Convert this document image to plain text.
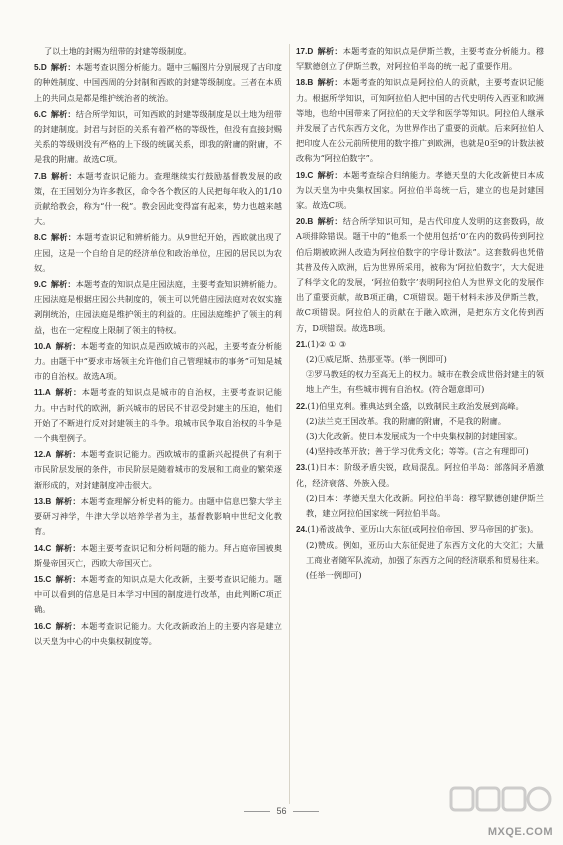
了以土地的封赐为纽带的封建等级制度。

5.D  解析：本题考查识图分析能力。题中三幅图片分别展现了古印度的种姓制度、中国西周的分封制和西欧的封建等级制度。三者在本质上的共同点是都是维护统治者的统治。

6.C  解析：结合所学知识，可知西欧的封建等级制度是以土地为纽带的封建制度。封君与封臣的关系有着严格的等级性，但没有直接封赐关系的等级则没有严格的上下级的统属关系，即我的附庸的附庸，不是我的附庸。故选C项。

7.B  解析：本题考查识记能力。查理继续实行鼓励基督教发展的政策，在王国划分为许多教区，命令各个教区的人民把每年收入的1/10贡献给教会，称为“什一税”。教会因此变得富有起来，势力也越来越大。

8.C  解析：本题考查识记和辨析能力。从9世纪开始，西欧就出现了庄园，这是一个自给自足的经济单位和政治单位，庄园的居民以为农奴。

9.C  解析：本题考查的知识点是庄园法庭，主要考查知识辨析能力。庄园法庭是根据庄园公共制度的，领主可以凭借庄园法庭对农奴实施剥削统治，庄园法庭是维护领主的利益的。庄园法庭维护了领主的利益，也在一定程度上限制了领主的特权。

10.A  解析：本题考查的知识点是西欧城市的兴起，主要考查分析能力。由题干中“要求市场领主允许他们自己管理城市的事务”可知是城市的自治权。故选A项。

11.A  解析：本题考查的知识点是城市的自治权，主要考查识记能力。中古时代的欧洲，新兴城市的居民不甘忍受封建主的压迫，他们开始了不断进行反对封建领主的斗争。琅城市民争取自治权的斗争是一个典型例子。

12.A  解析：本题考查识记能力。西欧城市的重新兴起提供了有利于市民阶层发展的条件，市民阶层是随着城市的发展和工商业的繁荣逐渐形成的，对封建制度冲击很大。

13.B  解析：本题考查理解分析史料的能力。由题中信息巴黎大学主要研习神学，牛津大学以培养学者为主，基督教影响中世纪文化教育。

14.C  解析：本题主要考查识记和分析问题的能力。拜占庭帝国被奥斯曼帝国灭亡，西欧大帝国灭亡。

15.C  解析：本题考查的知识点是大化改新，主要考查识记能力。题中可以看到的信息是日本学习中国的制度进行改革，由此判断C项正确。

16.C  解析：本题考查识记能力。大化改新政治上的主要内容是建立以天皇为中心的中央集权制度等。

17.D  解析：本题考查的知识点是伊斯兰教，主要考查分析能力。穆罕默德创立了伊斯兰教，对阿拉伯半岛的统一起了重要作用。

18.B  解析：本题考查的知识点是阿拉伯人的贡献，主要考查识记能力。根据所学知识，可知阿拉伯人把中国的古代史明传入西亚和欧洲等地，也给中国带来了阿拉伯的天文学和医学等知识。阿拉伯人继承并发展了古代东西方文化，为世界作出了重要的贡献。后来阿拉伯人把印度人在公元前所使用的数字推广到欧洲，也就是0至9的计数法被改称为“阿拉伯数字”。

19.C  解析：本题考查综合归纳能力。孝德天皇的大化改新使日本成为以天皇为中央集权国家。阿拉伯半岛统一后，建立的也是封建国家。故选C项。

20.B  解析：结合所学知识可知，是古代印度人发明的这套数码，故A项排除错误。题干中的“他系一个使用包括‘0’在内的数码传到阿拉伯后期被欧洲人改造为阿拉伯数字的字母计数法”。这套数码也凭借其普及传入欧洲，后为世界所采用，被称为‘阿拉伯数字’，大大促进了科学文化的发展，‘阿拉伯数字’表明阿拉伯人为世界文化的发展作出了重要贡献，故B项正确，C项错误。题干材料未涉及伊斯兰教，故C项错误。阿拉伯人的贡献在于融入欧洲，是把东方文化传到西方，D项错误。故选B项。

21.(1)② ① ③

(2)①威尼斯、热那亚等。(举一例即可)

②罗马教廷的权力至高无上的权力。城市在教会成世俗封建主的领地上产生，有些城市拥有自治权。(符合题意即可)

22.(1)伯里克利。雅典达到全盛，以致制民主政治发展到高峰。

(2)法兰克王国改革。我的附庸的附庸，不是我的附庸。

(3)大化改新。使日本发展成为一个中央集权制的封建国家。

(4)坚持改革开放；善于学习优秀文化；等等。(言之有理即可)

23.(1)日本：阶级矛盾尖锐，政局混乱。阿拉伯半岛：部落间矛盾激化，经济衰落、外族入侵。

(2)日本：孝德天皇大化改新。阿拉伯半岛：穆罕默德创建伊斯兰教，建立阿拉伯国家统一阿拉伯半岛。

24.(1)希波战争、亚历山大东征(或阿拉伯帝国、罗马帝国的扩张)。

(2)赞成。例如，亚历山大东征促进了东西方文化的大交汇；大量工商业者随军队流动，加强了东西方之间的经济联系和贸易往来。(任举一例即可)

56
MXQE.COM
